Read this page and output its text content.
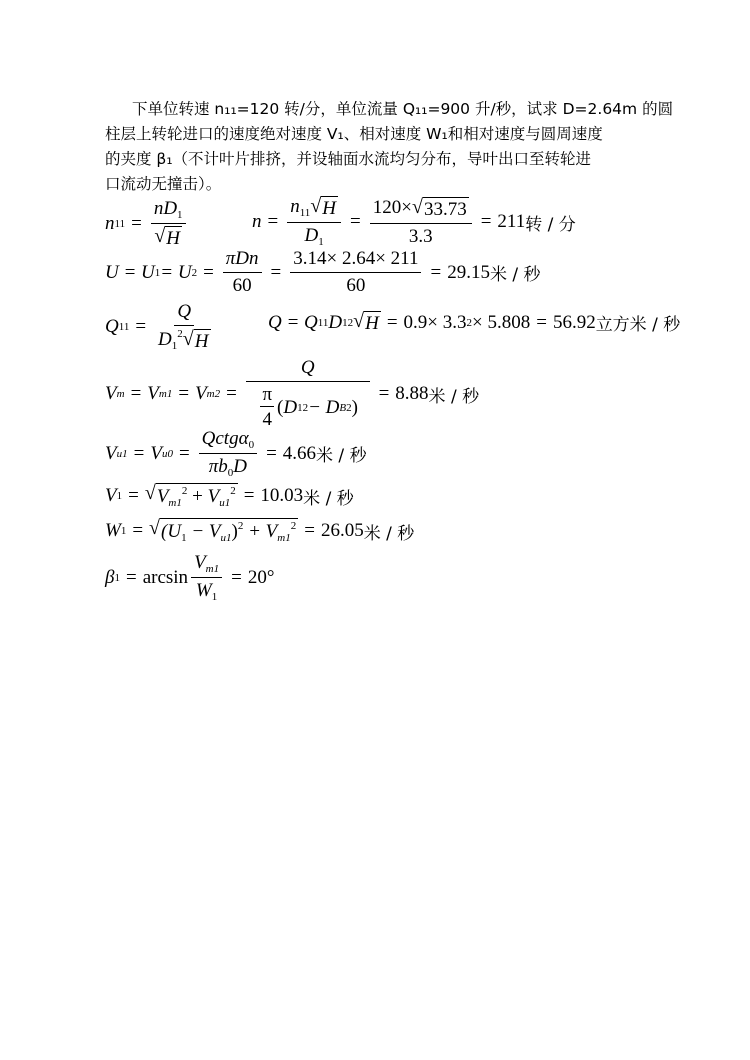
下单位转速 n₁₁=120 转/分，单位流量 Q₁₁=900 升/秒，试求 D=2.64m 的圆

柱层上转轮进口的速度绝对速度 V₁、相对速度 W₁和相对速度与圆周速度

的夹度 β₁（不计叶片排挤，并设轴面水流均匀分布，导叶出口至转轮进

口流动无撞击）。

n $11 = \frac{nD_1}{√ H}$	$n = \frac{n_{11} √ H}{D_1} = \frac{120\times √ 33.73}{3.3} = 211$ 转 / 分
U = U 1 = U $2 = \frac{\text{πDn}}{60} = \frac{3.14\times 2.64\times 211}{60} = 29.15$ 米 / 秒
Q $11 = \frac{Q}{D_1^2 √ H}$	Q = Q 11 D 1 2 √ H = 0.9× 3.3 2 × 5.808 = 56.92 立方米 / 秒
V m = V m1 = V $m2 = \frac{Q}{\frac{\pi}{4} ( D 1 2 - D B 2 )} = 8.88$ 米 / 秒
V u1 = V $u0 = \frac{Qctg\alpha_0}{\pi b_0D} = 4.66$ 米 / 秒
V 1 = √ $V_{m1}^2 + V_{u1}^2 = 10.03$ 米 / 秒
W 1 = √ $(U_1 - V_{u1})^2 + V_{m1}^2 = 26.05$ 米 / 秒
β $1 = \arcsin \frac{V_{m1}}{W_1} = 20^\circ$
